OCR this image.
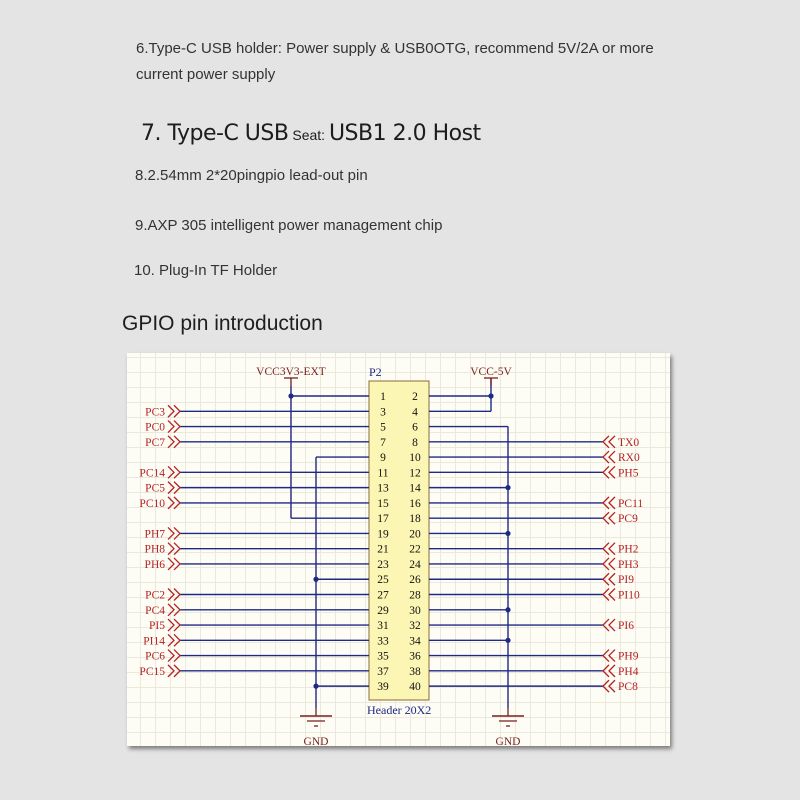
6.Type-C USB holder: Power supply & USB0OTG, recommend 5V/2A or more current power supply
7. Type-C USB Seat: USB1 2.0 Host
8.2.54mm 2*20pingpio lead-out pin
9.AXP 305 intelligent power management chip
10. Plug-In TF Holder
GPIO pin introduction
P2
Header 20X2
1 2
3 4
PC3
5 6
PC0
7 8
PC7	TX0
9 10	RX0
11 12
PC14	PH5
13 14
PC5
15 16
PC10	PC11
17 18	PC9
19 20
PH7
21 22
PH8	PH2
23 24
PH6	PH3
25 26	PI9
27 28
PC2	PI10
29 30
PC4
31 32
PI5	PI6
33 34
PI14
35 36
PC6	PH9
37 38
PC15	PH4
39 40	PC8
VCC3V3-EXT	VCC-5V
GND	GND
